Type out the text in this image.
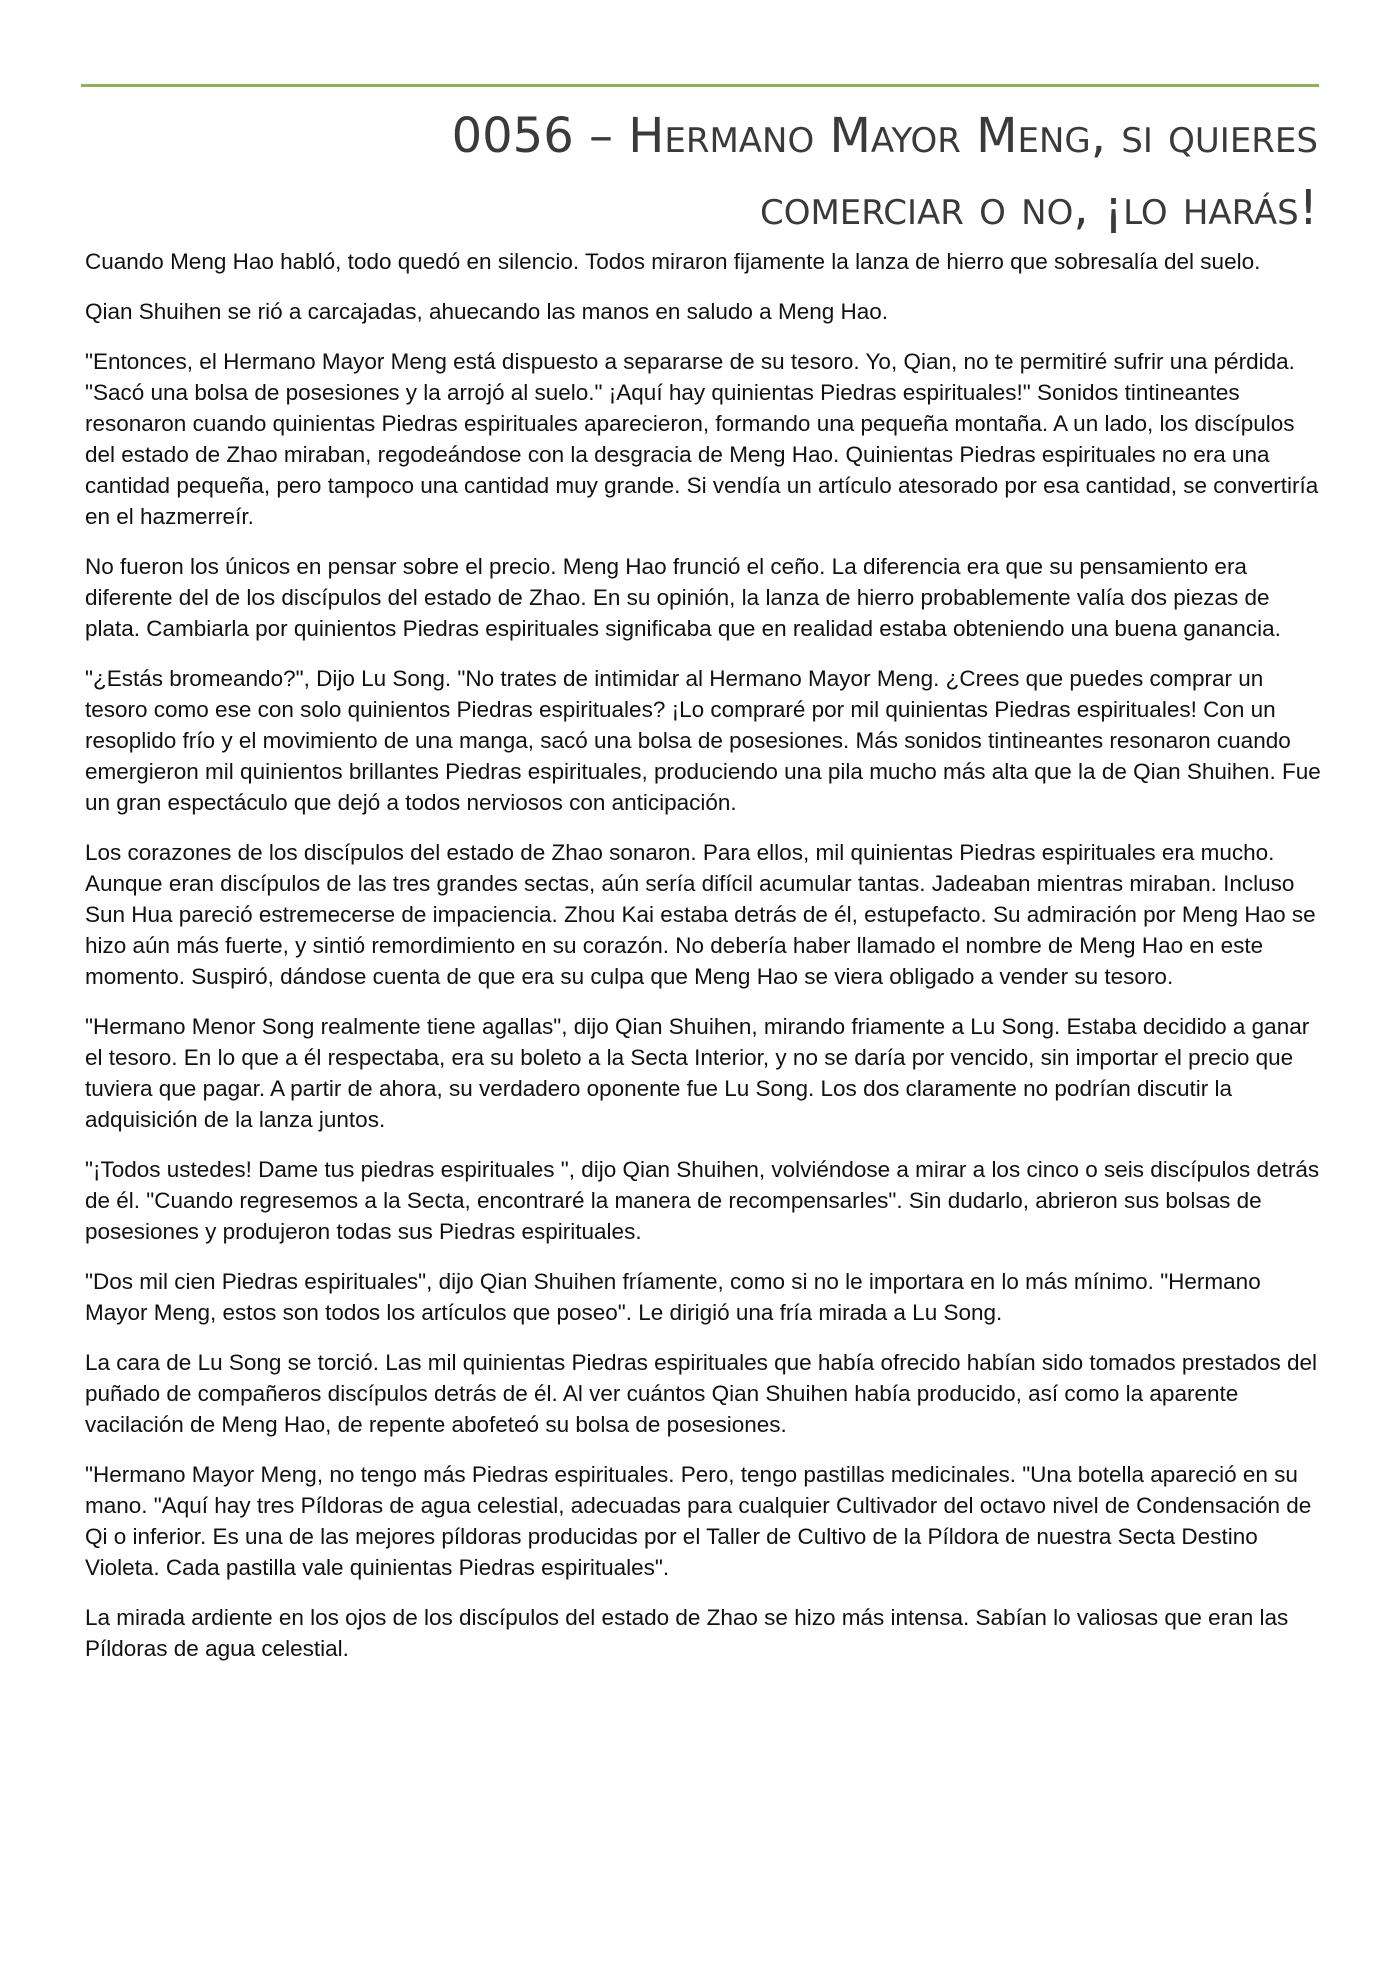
0056 – Hermano Mayor Meng, si quieres comerciar o no, ¡lo harás!

Cuando Meng Hao habló, todo quedó en silencio. Todos miraron fijamente la lanza de hierro que sobresalía del suelo.

Qian Shuihen se rió a carcajadas, ahuecando las manos en saludo a Meng Hao.

"Entonces, el Hermano Mayor Meng está dispuesto a separarse de su tesoro. Yo, Qian, no te permitiré sufrir una pérdida. "Sacó una bolsa de posesiones y la arrojó al suelo." ¡Aquí hay quinientas Piedras espirituales!" Sonidos tintineantes resonaron cuando quinientas Piedras espirituales aparecieron, formando una pequeña montaña. A un lado, los discípulos del estado de Zhao miraban, regodeándose con la desgracia de Meng Hao. Quinientas Piedras espirituales no era una cantidad pequeña, pero tampoco una cantidad muy grande. Si vendía un artículo atesorado por esa cantidad, se convertiría en el hazmerreír.

No fueron los únicos en pensar sobre el precio. Meng Hao frunció el ceño. La diferencia era que su pensamiento era diferente del de los discípulos del estado de Zhao. En su opinión, la lanza de hierro probablemente valía dos piezas de plata. Cambiarla por quinientos Piedras espirituales significaba que en realidad estaba obteniendo una buena ganancia.

"¿Estás bromeando?", Dijo Lu Song. "No trates de intimidar al Hermano Mayor Meng. ¿Crees que puedes comprar un tesoro como ese con solo quinientos Piedras espirituales? ¡Lo compraré por mil quinientas Piedras espirituales! Con un resoplido frío y el movimiento de una manga, sacó una bolsa de posesiones. Más sonidos tintineantes resonaron cuando emergieron mil quinientos brillantes Piedras espirituales, produciendo una pila mucho más alta que la de Qian Shuihen. Fue un gran espectáculo que dejó a todos nerviosos con anticipación.

Los corazones de los discípulos del estado de Zhao sonaron. Para ellos, mil quinientas Piedras espirituales era mucho. Aunque eran discípulos de las tres grandes sectas, aún sería difícil acumular tantas. Jadeaban mientras miraban. Incluso Sun Hua pareció estremecerse de impaciencia. Zhou Kai estaba detrás de él, estupefacto. Su admiración por Meng Hao se hizo aún más fuerte, y sintió remordimiento en su corazón. No debería haber llamado el nombre de Meng Hao en este momento. Suspiró, dándose cuenta de que era su culpa que Meng Hao se viera obligado a vender su tesoro.

"Hermano Menor Song realmente tiene agallas", dijo Qian Shuihen, mirando friamente a Lu Song. Estaba decidido a ganar el tesoro. En lo que a él respectaba, era su boleto a la Secta Interior, y no se daría por vencido, sin importar el precio que tuviera que pagar. A partir de ahora, su verdadero oponente fue Lu Song. Los dos claramente no podrían discutir la adquisición de la lanza juntos.

"¡Todos ustedes! Dame tus piedras espirituales ", dijo Qian Shuihen, volviéndose a mirar a los cinco o seis discípulos detrás de él. "Cuando regresemos a la Secta, encontraré la manera de recompensarles". Sin dudarlo, abrieron sus bolsas de posesiones y produjeron todas sus Piedras espirituales.

"Dos mil cien Piedras espirituales", dijo Qian Shuihen fríamente, como si no le importara en lo más mínimo. "Hermano Mayor Meng, estos son todos los artículos que poseo". Le dirigió una fría mirada a Lu Song.

La cara de Lu Song se torció. Las mil quinientas Piedras espirituales que había ofrecido habían sido tomados prestados del puñado de compañeros discípulos detrás de él. Al ver cuántos Qian Shuihen había producido, así como la aparente vacilación de Meng Hao, de repente abofeteó su bolsa de posesiones.

"Hermano Mayor Meng, no tengo más Piedras espirituales. Pero, tengo pastillas medicinales. "Una botella apareció en su mano. "Aquí hay tres Píldoras de agua celestial, adecuadas para cualquier Cultivador del octavo nivel de Condensación de Qi o inferior. Es una de las mejores píldoras producidas por el Taller de Cultivo de la Píldora de nuestra Secta Destino Violeta. Cada pastilla vale quinientas Piedras espirituales".

La mirada ardiente en los ojos de los discípulos del estado de Zhao se hizo más intensa. Sabían lo valiosas que eran las Píldoras de agua celestial.
